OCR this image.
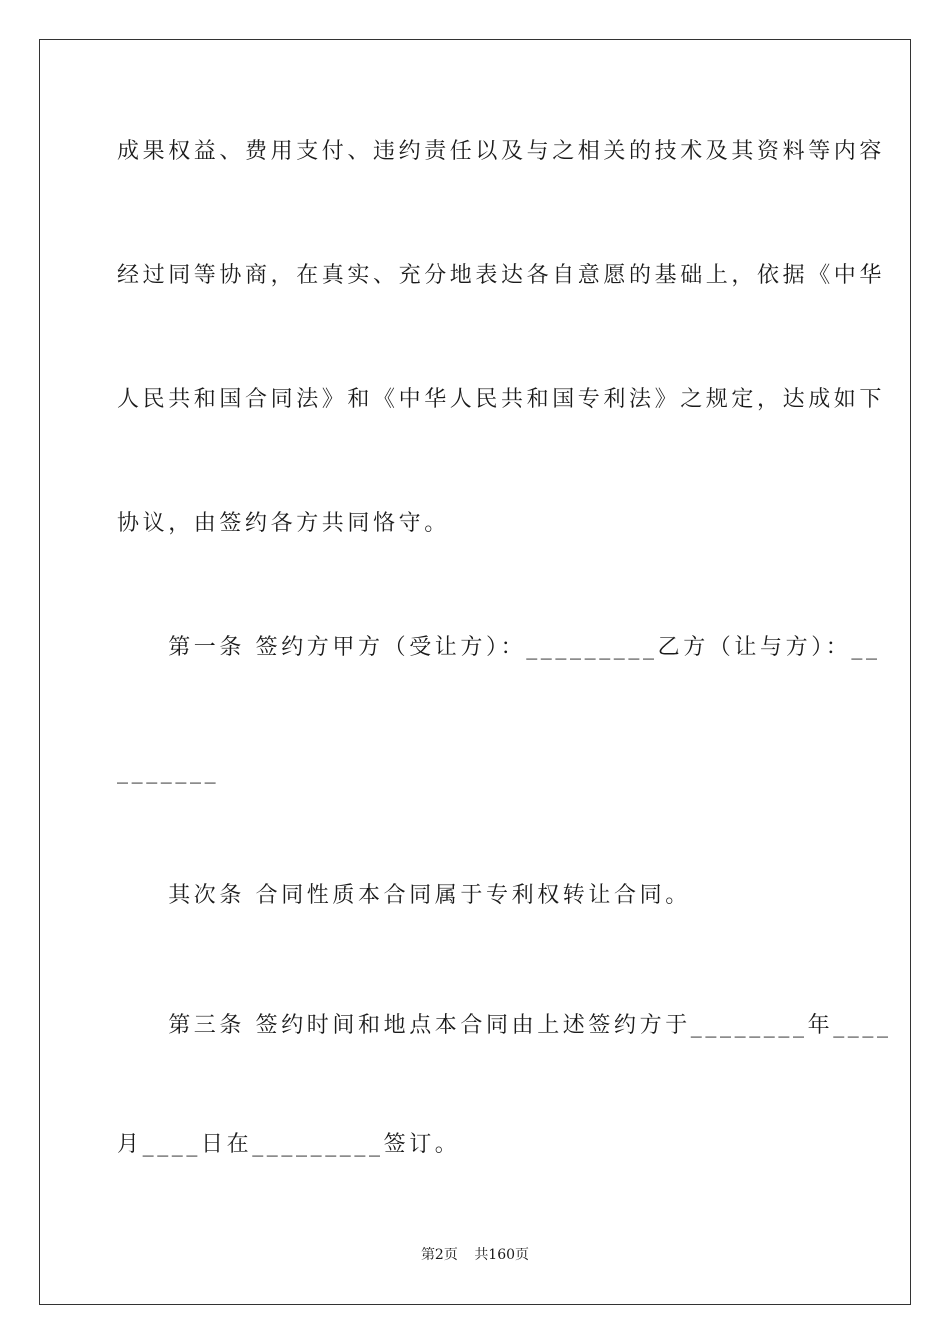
成果权益、费用支付、违约责任以及与之相关的技术及其资料等内容
经过同等协商，在真实、充分地表达各自意愿的基础上，依据《中华
人民共和国合同法》和《中华人民共和国专利法》之规定，达成如下
协议，由签约各方共同恪守。
　　第一条 签约方甲方（受让方）：_________乙方（让与方）：__
_______
　　其次条 合同性质本合同属于专利权转让合同。
　　第三条 签约时间和地点本合同由上述签约方于________年____
月____日在_________签订。
第2页 共160页
